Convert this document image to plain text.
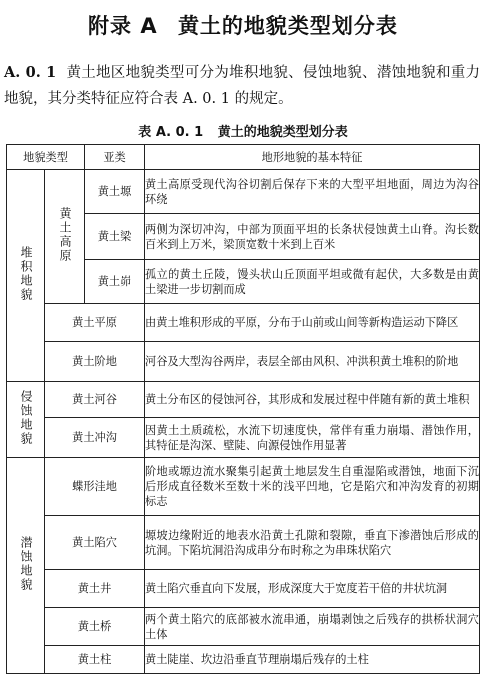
附录 A 黄土的地貌类型划分表
A. 0. 1 黄土地区地貌类型可分为堆积地貌、侵蚀地貌、潜蚀地貌和重力地貌，其分类特征应符合表 A. 0. 1 的规定。
表 A. 0. 1 黄土的地貌类型划分表
地貌类型		亚类	地形地貌的基本特征
堆积地貌	黄土高原	黄土塬	黄土高原受现代沟谷切割后保存下来的大型平坦地面，周边为沟谷环绕
		黄土梁	两侧为深切冲沟，中部为顶面平坦的长条状侵蚀黄土山脊。沟长数百米到上万米，梁顶宽数十米到上百米
		黄土峁	孤立的黄土丘陵，馒头状山丘顶面平坦或微有起伏，大多数是由黄土梁进一步切割而成
	黄土平原		由黄土堆积形成的平原，分布于山前或山间等新构造运动下降区
	黄土阶地		河谷及大型沟谷两岸，表层全部由风积、冲洪积黄土堆积的阶地
侵蚀地貌	黄土河谷		黄土分布区的侵蚀河谷，其形成和发展过程中伴随有新的黄土堆积
	黄土冲沟		因黄土土质疏松，水流下切速度快，常伴有重力崩塌、潜蚀作用，其特征是沟深、壁陡、向源侵蚀作用显著
潜蚀地貌	蝶形洼地		阶地或塬边流水聚集引起黄土地层发生自重湿陷或潜蚀，地面下沉后形成直径数米至数十米的浅平凹地，它是陷穴和冲沟发育的初期标志
	黄土陷穴		塬坡边缘附近的地表水沿黄土孔隙和裂隙，垂直下渗潜蚀后形成的坑洞。下陷坑洞沿沟成串分布时称之为串珠状陷穴
	黄土井		黄土陷穴垂直向下发展，形成深度大于宽度若干倍的井状坑洞
	黄土桥		两个黄土陷穴的底部被水流串通，崩塌剥蚀之后残存的拱桥状洞穴土体
	黄土柱		黄土陡崖、坎边沿垂直节理崩塌后残存的土柱
